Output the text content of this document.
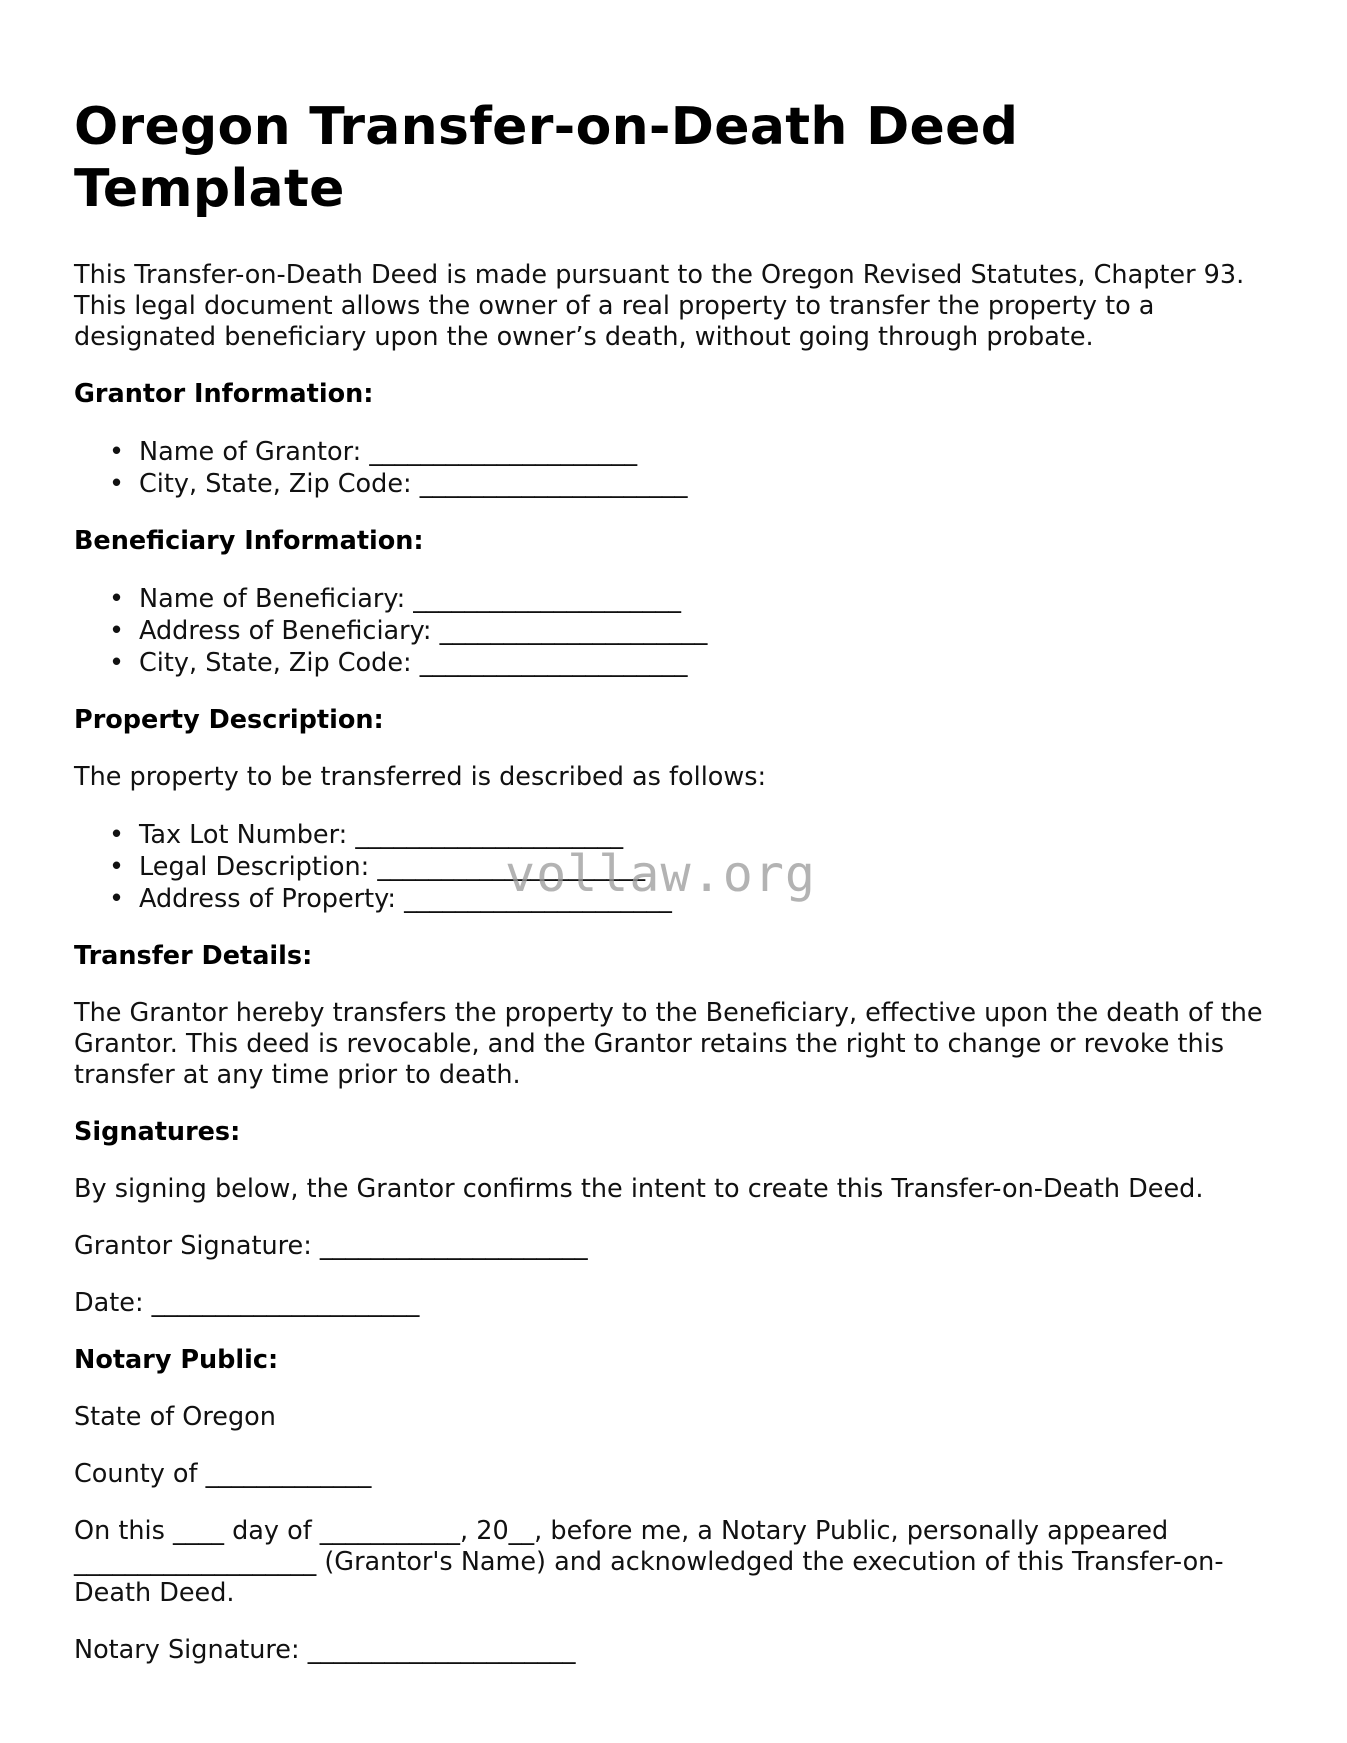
Oregon Transfer-on-Death Deed Template

This Transfer-on-Death Deed is made pursuant to the Oregon Revised Statutes, Chapter 93. This legal document allows the owner of a real property to transfer the property to a designated beneficiary upon the owner’s death, without going through probate.

Grantor Information:
• Name of Grantor: _____________________
• City, State, Zip Code: _____________________
Beneficiary Information:
• Name of Beneficiary: _____________________
• Address of Beneficiary: _____________________
• City, State, Zip Code: _____________________
Property Description:

The property to be transferred is described as follows:

• Tax Lot Number: _____________________
• Legal Description: _____________________
• Address of Property: _____________________
Transfer Details:

The Grantor hereby transfers the property to the Beneficiary, effective upon the death of the Grantor. This deed is revocable, and the Grantor retains the right to change or revoke this transfer at any time prior to death.

Signatures:

By signing below, the Grantor confirms the intent to create this Transfer-on-Death Deed.

Grantor Signature: _____________________

Date: _____________________

Notary Public:

State of Oregon

County of _____________

On this ____ day of ___________, 20__, before me, a Notary Public, personally appeared ___________________ (Grantor's Name) and acknowledged the execution of this Transfer-on-Death Deed.

Notary Signature: _____________________

vollaw.org
